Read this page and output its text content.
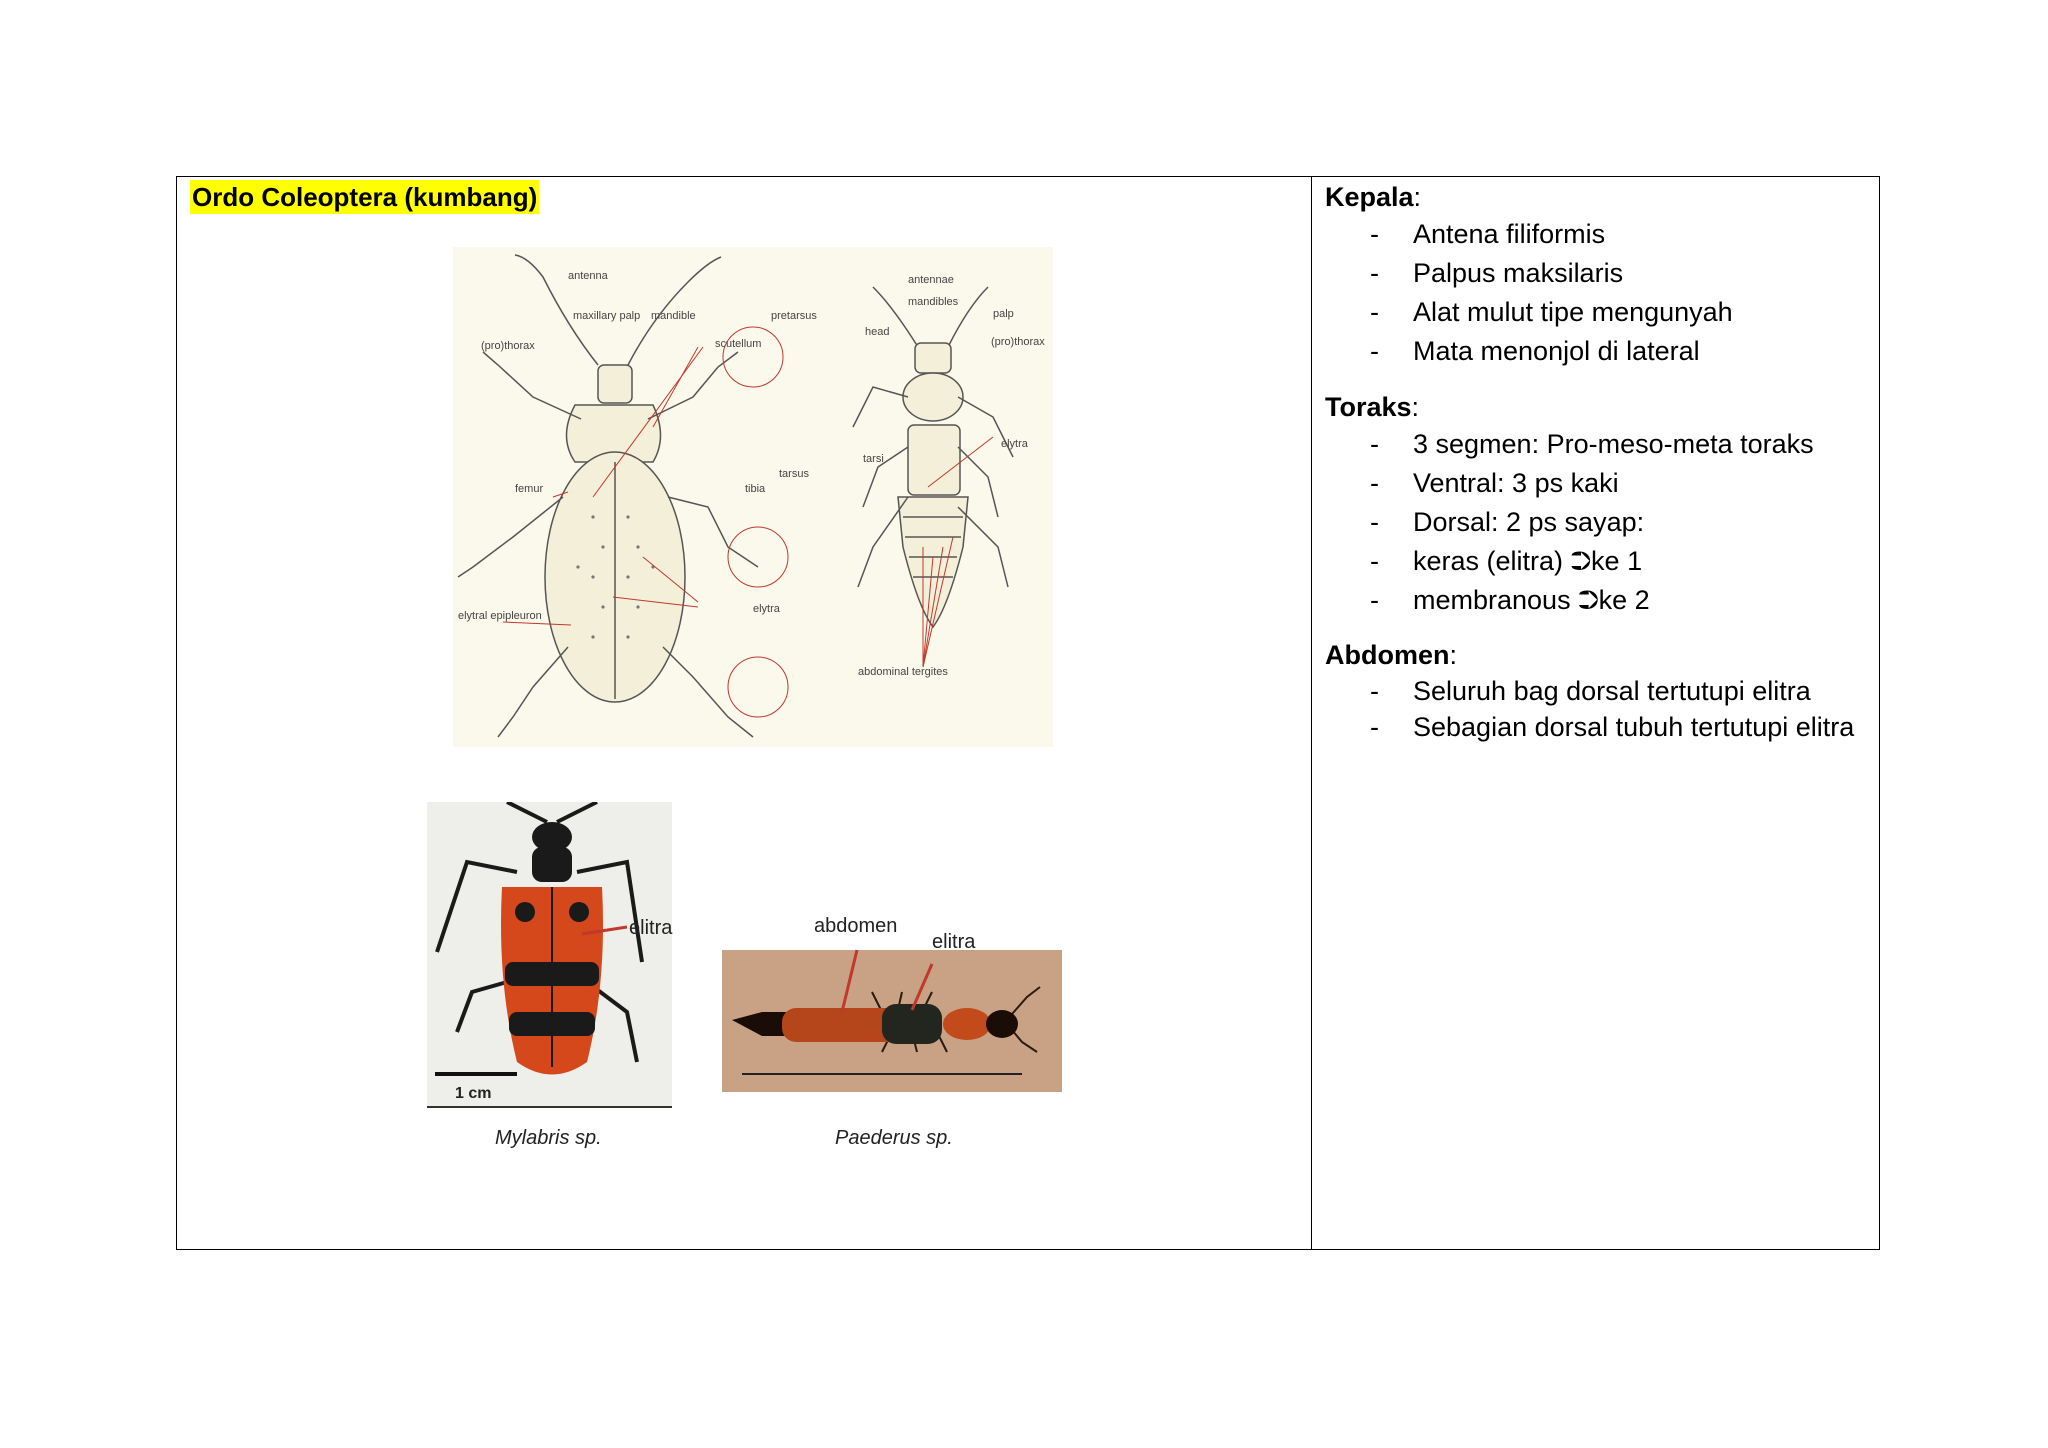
Ordo Coleoptera (kumbang)
antenna
maxillary palp mandible	pretarsus
(pro)thorax	scutellum
femur	tibia
tarsus
elytra
elytral epipleuron
antennae
mandibles
palp
head
(pro)thorax
tarsi
elytra
abdominal tergites
elitra
1 cm
Mylabris sp.
abdomen
elitra
Paederus sp.
Kepala:
- Antena filiformis
- Palpus maksilaris
- Alat mulut tipe mengunyah
- Mata menonjol di lateral
Toraks:
- 3 segmen: Pro-meso-meta toraks
- Ventral: 3 ps kaki
- Dorsal: 2 ps sayap:
- keras (elitra) ⮊ke 1
- membranous ⮊ke 2
Abdomen:
- Seluruh bag dorsal tertutupi elitra
- Sebagian dorsal tubuh tertutupi elitra
